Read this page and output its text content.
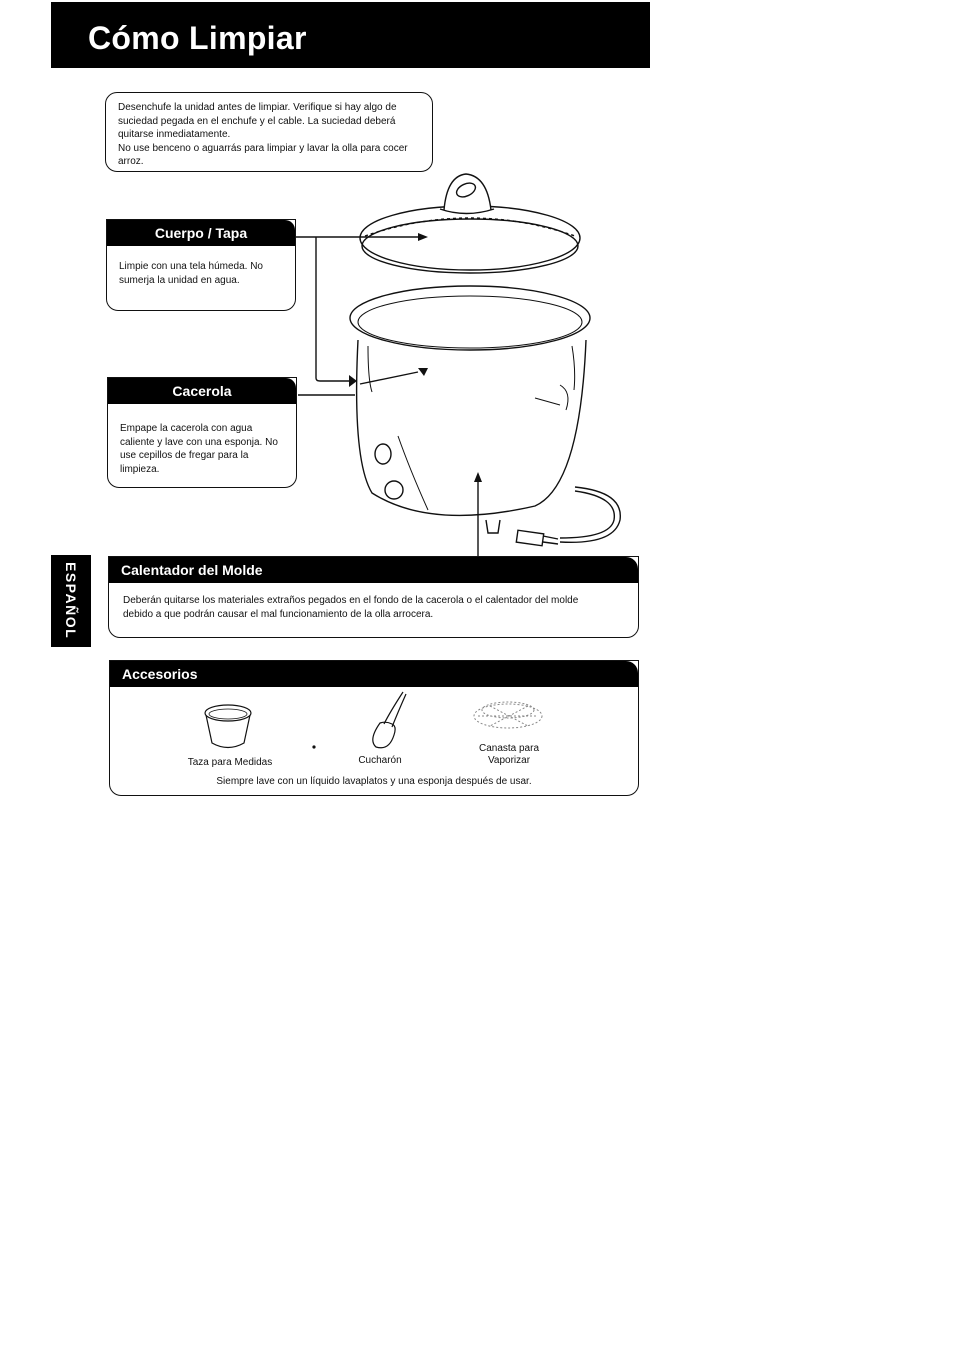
Cómo Limpiar

Desenchufe la unidad antes de limpiar. Verifique si hay algo de suciedad pegada en el enchufe y el cable. La suciedad deberá quitarse inmediatamente.

No use benceno o aguarrás para limpiar y lavar la olla para cocer arroz.

Cuerpo / Tapa
Limpie con una tela húmeda. No sumerja la unidad en agua.
Cacerola
Empape la cacerola con agua caliente y lave con una esponja. No use cepillos de fregar para la limpieza.
ESPAÑOL	Calentador del Molde
Deberán quitarse los materiales extraños pegados en el fondo de la cacerola o el calentador del molde debido a que podrán causar el mal funcionamiento de la olla arrocera.
Accesorios
Taza para Medidas	Cucharón
Canasta para Vaporizar
Siempre lave con un líquido lavaplatos y una esponja después de usar.
